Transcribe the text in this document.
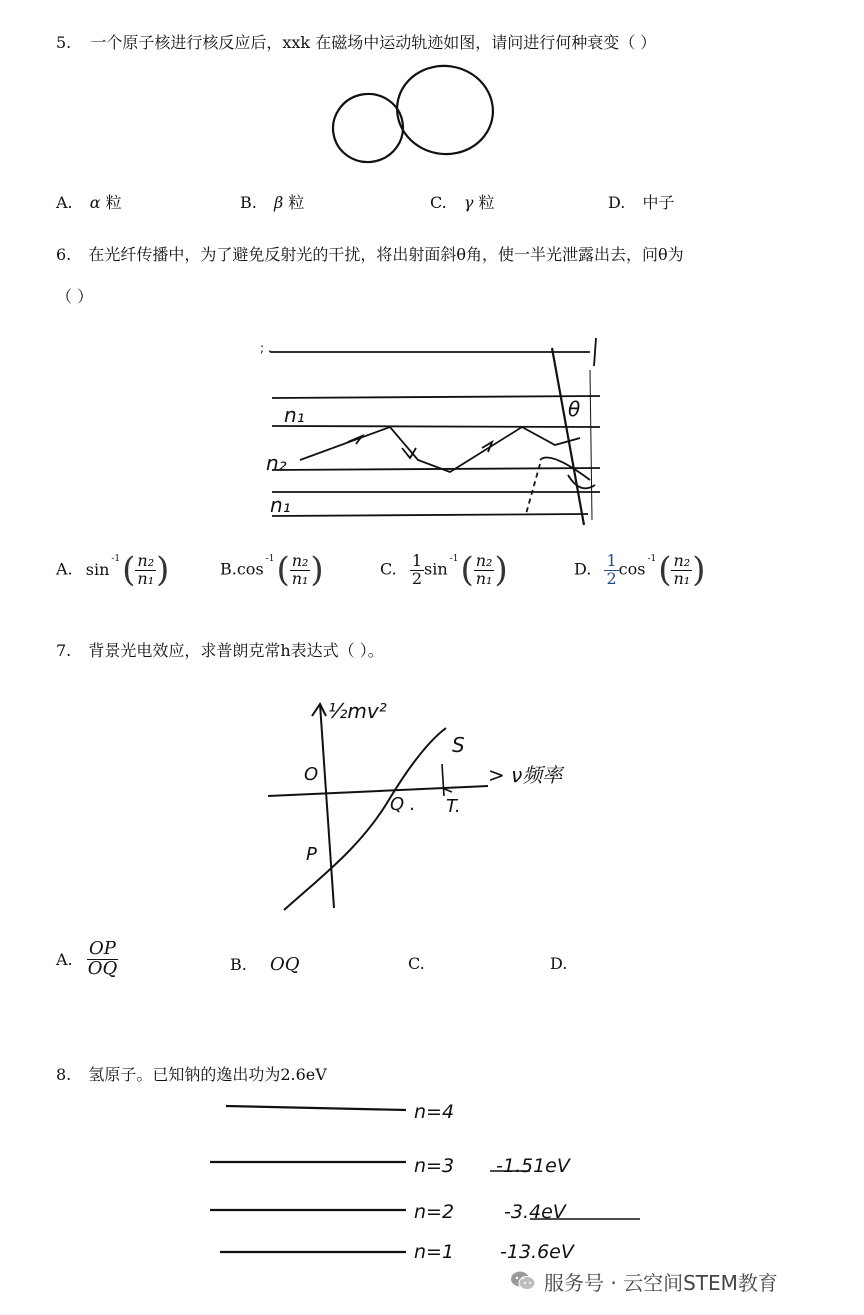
5. 一个原子核进行核反应后，xxk 在磁场中运动轨迹如图，请问进行何种衰变（ ）
A. α 粒	B. β 粒	C. γ 粒	D. 中子
6. 在光纤传播中，为了避免反射光的干扰，将出射面斜θ角，使一半光泄露出去，问θ为
（ ）
; .
n₁
n₂
n₁
θ
A. $\sin^{-1}( \frac{\text{n₂}}{\text{n₁}}$ )	$B.\cos^{-1}( \frac{\text{n₂}}{\text{n₁}}$ )	C. $\frac{1}{2} \sin^{-1}( \frac{\text{n₂}}{\text{n₁}}$ )	D. $\frac{1}{2} \cos^{-1}( \frac{\text{n₂}}{\text{n₁}}$ )
7. 背景光电效应，求普朗克常h表达式（ ）。
½mv²
> ν频率
O
P
Q . T.
S
A. $\frac{OP}{OQ}$	B. OQ	C.	D.
8. 氢原子。已知钠的逸出功为2.6eV
n=4
n=3 -1.51eV
n=2	-3.4eV
n=1 -13.6eV
服务号 · 云空间STEM教育
